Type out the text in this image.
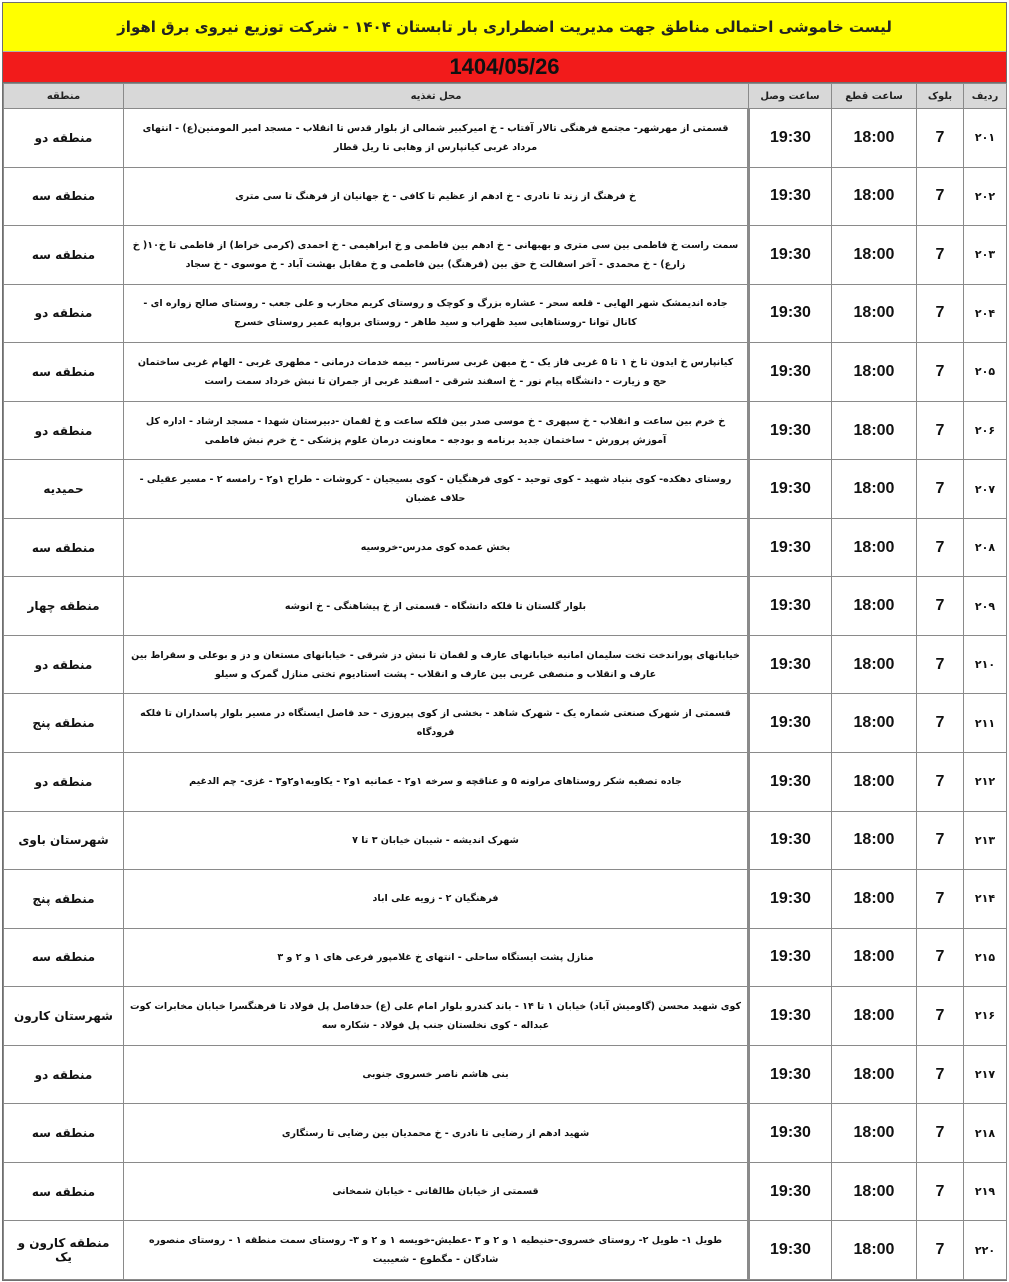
لیست خاموشی احتمالی مناطق جهت مدیریت اضطراری بار تابستان ۱۴۰۴ - شرکت توزیع نیروی برق اهواز
1404/05/26
ردیف	بلوک	ساعت قطع	ساعت وصل	محل تغذیه	منطقه
۲۰۱	7	18:00	19:30	قسمتی از مهرشهر- مجتمع فرهنگی تالار آفتاب - خ امیرکبیر شمالی از بلوار قدس تا انقلاب - مسجد امیر المومنین(ع) - انتهای مرداد غربی کیانپارس از وهابی تا ریل قطار	منطقه دو
۲۰۲	7	18:00	19:30	خ فرهنگ از زند تا نادری - خ ادهم از عظیم تا کافی - خ جهانیان از فرهنگ تا سی متری	منطقه سه
۲۰۳	7	18:00	19:30	سمت راست خ فاطمی بین سی متری و بهبهانی - خ ادهم بین فاطمی و خ ابراهیمی - خ احمدی (کرمی خراط) از فاطمی تا خ۱۰( خ زارع) - خ محمدی - آخر اسفالت خ حق بین (فرهنگ) بین فاطمی و خ مقابل بهشت آباد - خ موسوی - خ سجاد	منطقه سه
۲۰۴	7	18:00	19:30	جاده اندیمشک شهر الهایی - قلعه سحر - عشاره بزرگ و کوچک و روستای کریم محارب و علی جعب - روستای صالح زواره ای - کانال توانا -روستاهایی سید ظهراب و سید طاهر - روستای برواپه عمیر روستای خسرج	منطقه دو
۲۰۵	7	18:00	19:30	کیانپارس خ ایدون تا خ ۱ تا ۵ غربی فاز یک - خ میهن غربی سرتاسر - بیمه خدمات درمانی - مطهری غربی - الهام غربی ساختمان حج و زیارت - دانشگاه پیام نور - خ اسفند شرقی - اسفند غربی از جمران تا نبش خرداد سمت راست	منطقه سه
۲۰۶	7	18:00	19:30	خ خرم بین ساعت و انقلاب - خ سپهری - خ موسی صدر بین فلکه ساعت و خ لقمان -دبیرستان شهدا - مسجد ارشاد - اداره کل آموزش پرورش - ساختمان جدید برنامه و بودجه - معاونت درمان علوم پزشکی - خ خرم نبش فاطمی	منطقه دو
۲۰۷	7	18:00	19:30	روستای دهکده- کوی بنیاد شهید - کوی توحید - کوی فرهنگیان - کوی بسیجیان - کروشات - طراح ۱و۲ - رامسه ۲ - مسیر عقیلی - حلاف غضبان	حمیدیه
۲۰۸	7	18:00	19:30	بخش عمده کوی مدرس-خروسیه	منطقه سه
۲۰۹	7	18:00	19:30	بلوار گلستان تا فلکه دانشگاه - قسمتی از خ پیشاهنگی - خ انوشه	منطقه چهار
۲۱۰	7	18:00	19:30	خیابانهای پوراندخت تخت سلیمان امانیه خیابانهای عارف و لقمان تا نبش دز شرقی - خیابانهای مستعان و دز و بوعلی و سقراط بین عارف و انقلاب و منصفی غربی بین عارف و انقلاب - پشت استادیوم تختی منازل گمرک و سیلو	منطقه دو
۲۱۱	7	18:00	19:30	قسمتی از شهرک صنعتی شماره یک - شهرک شاهد - بخشی از کوی پیروزی - حد فاصل ایستگاه در مسیر بلوار پاسداران تا فلکه فرودگاه	منطقه پنج
۲۱۲	7	18:00	19:30	جاده تصفیه شکر روستاهای مراونه ۵ و عناقچه و سرخه ۱و۲ - عمانیه ۱و۲ - یکاویه۱و۲و۳ - غزی- چم الدغیم	منطقه دو
۲۱۳	7	18:00	19:30	شهرک اندیشه - شیبان خیابان ۳ تا ۷	شهرستان باوی
۲۱۴	7	18:00	19:30	فرهنگیان ۲ - زویه علی اباد	منطقه پنج
۲۱۵	7	18:00	19:30	منازل پشت ایستگاه ساحلی - انتهای خ غلامپور فرعی های ۱ و ۲ و ۳	منطقه سه
۲۱۶	7	18:00	19:30	کوی شهید محسن (گاومیش آباد) خیابان ۱ تا ۱۴ - باند کندرو بلوار امام علی (ع) حدفاصل پل فولاد تا فرهنگسرا خیابان مخابرات کوت عبداله - کوی نخلستان جنب پل فولاد - شکاره سه	شهرستان کارون
۲۱۷	7	18:00	19:30	بنی هاشم ناصر خسروی جنوبی	منطقه دو
۲۱۸	7	18:00	19:30	شهید ادهم از رضایی تا نادری - خ محمدیان بین رضایی تا رستگاری	منطقه سه
۲۱۹	7	18:00	19:30	قسمتی از خیابان طالقانی - خیابان شمخانی	منطقه سه
۲۲۰	7	18:00	19:30	طویل ۱- طویل ۲- روستای خسروی-حنیطیه ۱ و ۲ و ۳ -عطیش-خویسه ۱ و ۲ و ۳- روستای سمت منطقه ۱ - روستای منصوره شادگان - مگطوع - شعیبیت	منطقه کارون و یک
